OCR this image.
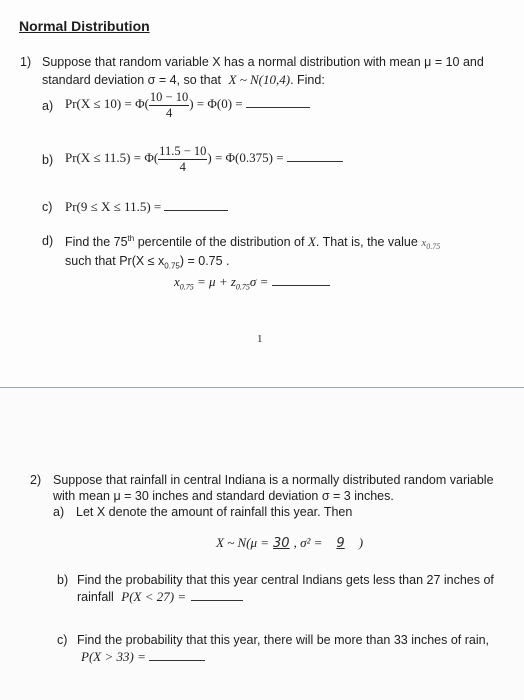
Normal Distribution
1) Suppose that random variable X has a normal distribution with mean μ = 10 and
standard deviation σ = 4, so that X ~ N(10,4). Find:
a) $Pr(X \le 10) = \Phi( \frac{10 - 10}{4}$ ) = Φ(0) =
b) $Pr(X \le 11.5) = \Phi( \frac{11.5 - 10}{4}$ ) = Φ(0.375) =
c) Pr(9 ≤ X ≤ 11.5) =
d) Find the 75th percentile of the distribution of X. That is, the value $x_{0.75}$
such that $Pr(X \le x_{0.75}) = 0.75$ .
$x_{0.75} = \mu + z_{0.75}\sigma$ =
1
2) Suppose that rainfall in central Indiana is a normally distributed random variable
with mean μ = 30 inches and standard deviation σ = 3 inches.
a) Let X denote the amount of rainfall this year. Then
X ~ N(μ = 30 , σ² = 9 )
b) Find the probability that this year central Indians gets less than 27 inches of
rainfall P(X < 27) =
c) Find the probability that this year, there will be more than 33 inches of rain,
P(X > 33) =
